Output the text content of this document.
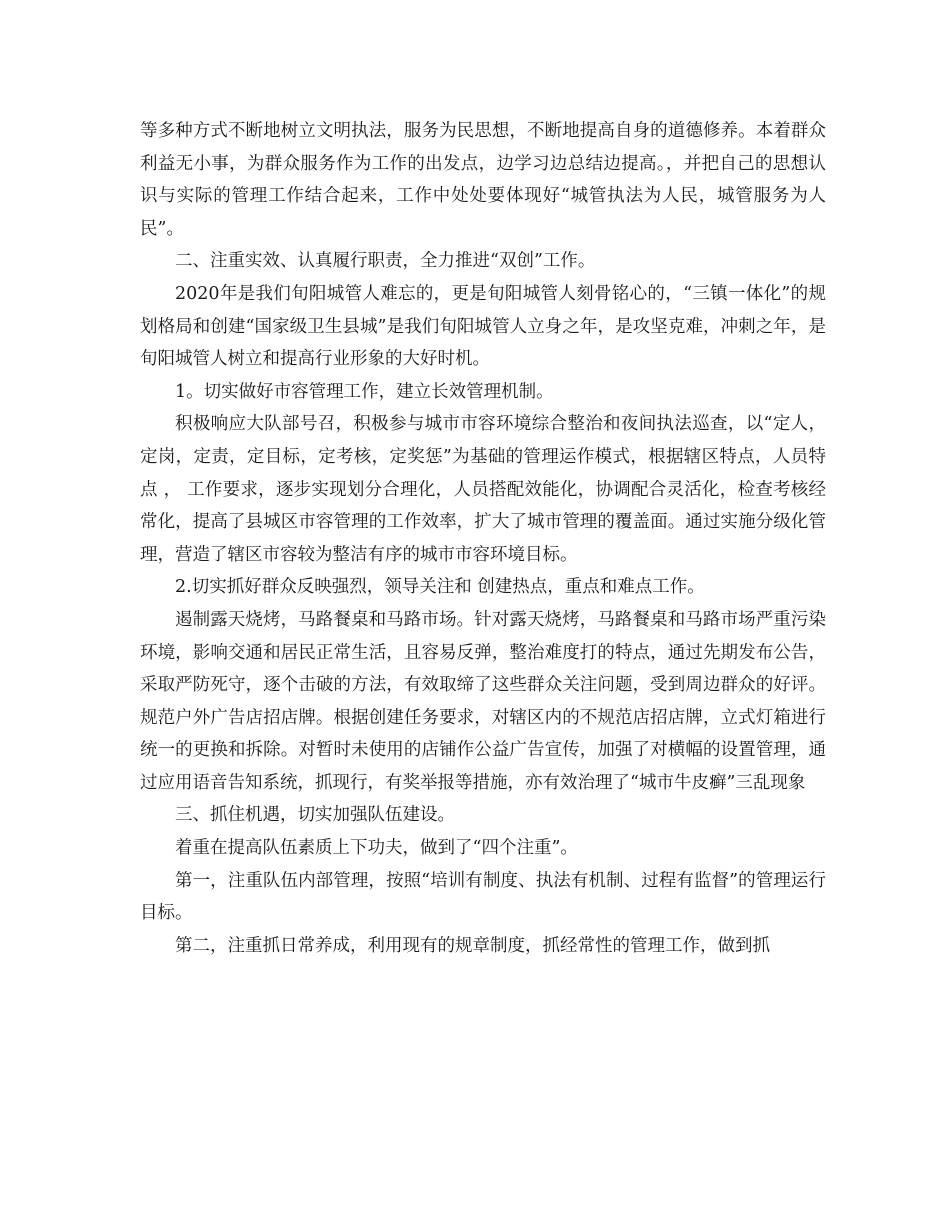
等多种方式不断地树立文明执法，服务为民思想，不断地提高自身的道德修养。本着群众利益无小事，为群众服务作为工作的出发点，边学习边总结边提高。，并把自己的思想认识与实际的管理工作结合起来，工作中处处要体现好“城管执法为人民，城管服务为人民”。

二、注重实效、认真履行职责，全力推进“双创”工作。

2020年是我们旬阳城管人难忘的，更是旬阳城管人刻骨铭心的，“三镇一体化”的规划格局和创建“国家级卫生县城”是我们旬阳城管人立身之年，是攻坚克难，冲刺之年，是旬阳城管人树立和提高行业形象的大好时机。

1。切实做好市容管理工作，建立长效管理机制。

积极响应大队部号召，积极参与城市市容环境综合整治和夜间执法巡查，以“定人，定岗，定责，定目标，定考核，定奖惩”为基础的管理运作模式，根据辖区特点，人员特点 ， 工作要求，逐步实现划分合理化，人员搭配效能化，协调配合灵活化，检查考核经常化，提高了县城区市容管理的工作效率，扩大了城市管理的覆盖面。通过实施分级化管理，营造了辖区市容较为整洁有序的城市市容环境目标。

2.切实抓好群众反映强烈，领导关注和 创建热点，重点和难点工作。

遏制露天烧烤，马路餐桌和马路市场。针对露天烧烤，马路餐桌和马路市场严重污染环境，影响交通和居民正常生活，且容易反弹，整治难度打的特点，通过先期发布公告，采取严防死守，逐个击破的方法，有效取缔了这些群众关注问题，受到周边群众的好评。规范户外广告店招店牌。根据创建任务要求，对辖区内的不规范店招店牌，立式灯箱进行统一的更换和拆除。对暂时未使用的店铺作公益广告宣传，加强了对横幅的设置管理，通过应用语音告知系统，抓现行，有奖举报等措施，亦有效治理了“城市牛皮癣”三乱现象

三、抓住机遇，切实加强队伍建设。

着重在提高队伍素质上下功夫，做到了“四个注重”。

第一，注重队伍内部管理，按照“培训有制度、执法有机制、过程有监督”的管理运行目标。

第二，注重抓日常养成，利用现有的规章制度，抓经常性的管理工作，做到抓
